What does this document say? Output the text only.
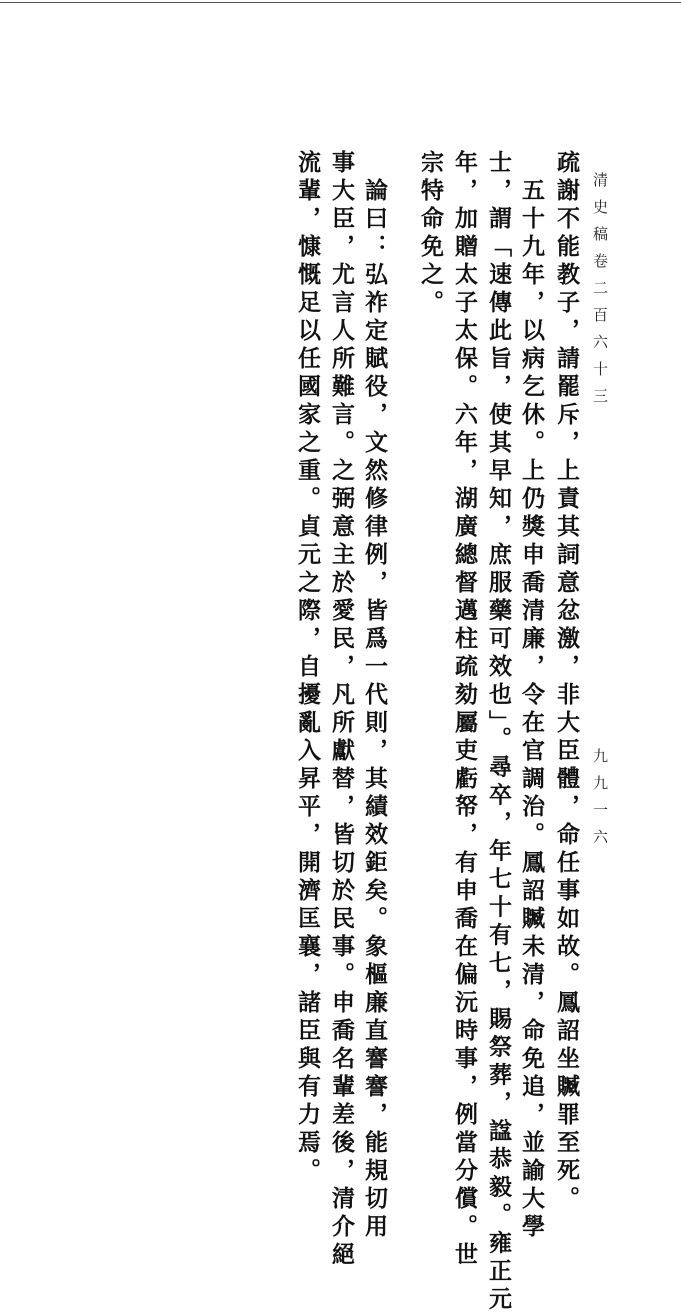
清史稿卷二百六十三
九九一六
疏謝不能教子，請罷斥，上責其詞意忿激，非大臣體，命任事如故。鳳詔坐贓罪至死。
五十九年，以病乞休。上仍獎申喬清廉，令在官調治。鳳詔贓未清，命免追，並諭大學
士，謂「速傳此旨，使其早知，庶服藥可效也」。尋卒，年七十有七，賜祭葬，諡恭毅。雍正元
年，加贈太子太保。六年，湖廣總督邁柱疏劾屬吏虧帑，有申喬在偏沅時事，例當分償。世
宗特命免之。
論曰：弘祚定賦役，文然修律例，皆爲一代則，其績效鉅矣。象樞廉直謇謇，能規切用
事大臣，尤言人所難言。之弼意主於愛民，凡所獻替，皆切於民事。申喬名輩差後，清介絕
流輩，慷慨足以任國家之重。貞元之際，自擾亂入昇平，開濟匡襄，諸臣與有力焉。
